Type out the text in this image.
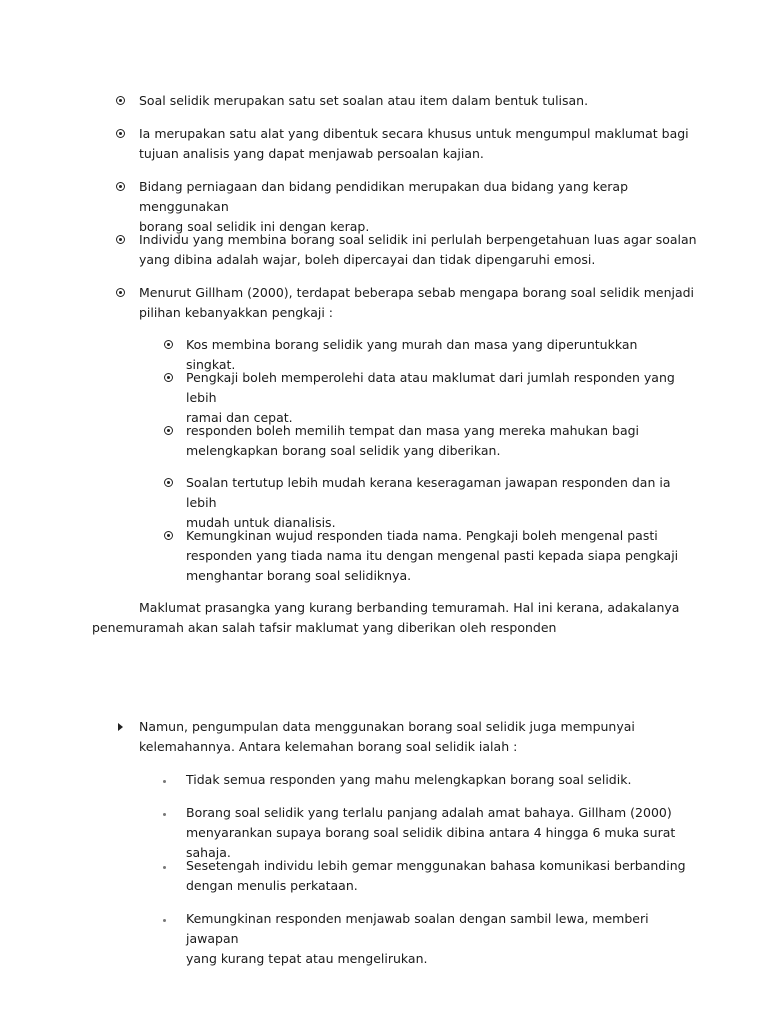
Soal selidik merupakan satu set soalan atau item dalam bentuk tulisan.
Ia merupakan satu alat yang dibentuk secara khusus untuk mengumpul maklumat bagi
tujuan analisis yang dapat menjawab persoalan kajian.
Bidang perniagaan dan bidang pendidikan merupakan dua bidang yang kerap menggunakan
borang soal selidik ini dengan kerap.
Individu yang membina borang soal selidik ini perlulah berpengetahuan luas agar soalan
yang dibina adalah wajar, boleh dipercayai dan tidak dipengaruhi emosi.
Menurut Gillham (2000), terdapat beberapa sebab mengapa borang soal selidik menjadi
pilihan kebanyakkan pengkaji :
Kos membina borang selidik yang murah dan masa yang diperuntukkan singkat.
Pengkaji boleh memperolehi data atau maklumat dari jumlah responden yang lebih
ramai dan cepat.
responden boleh memilih tempat dan masa yang mereka mahukan bagi
melengkapkan borang soal selidik yang diberikan.
Soalan tertutup lebih mudah kerana keseragaman jawapan responden dan ia lebih
mudah untuk dianalisis.
Kemungkinan wujud responden tiada nama. Pengkaji boleh mengenal pasti
responden yang tiada nama itu dengan mengenal pasti kepada siapa pengkaji
menghantar borang soal selidiknya.
Maklumat prasangka yang kurang berbanding temuramah. Hal ini kerana, adakalanya
penemuramah akan salah tafsir maklumat yang diberikan oleh responden
Namun, pengumpulan data menggunakan borang soal selidik juga mempunyai
kelemahannya. Antara kelemahan borang soal selidik ialah :
Tidak semua responden yang mahu melengkapkan borang soal selidik.
Borang soal selidik yang terlalu panjang adalah amat bahaya. Gillham (2000)
menyarankan supaya borang soal selidik dibina antara 4 hingga 6 muka surat sahaja.
Sesetengah individu lebih gemar menggunakan bahasa komunikasi berbanding
dengan menulis perkataan.
Kemungkinan responden menjawab soalan dengan sambil lewa, memberi jawapan
yang kurang tepat atau mengelirukan.
